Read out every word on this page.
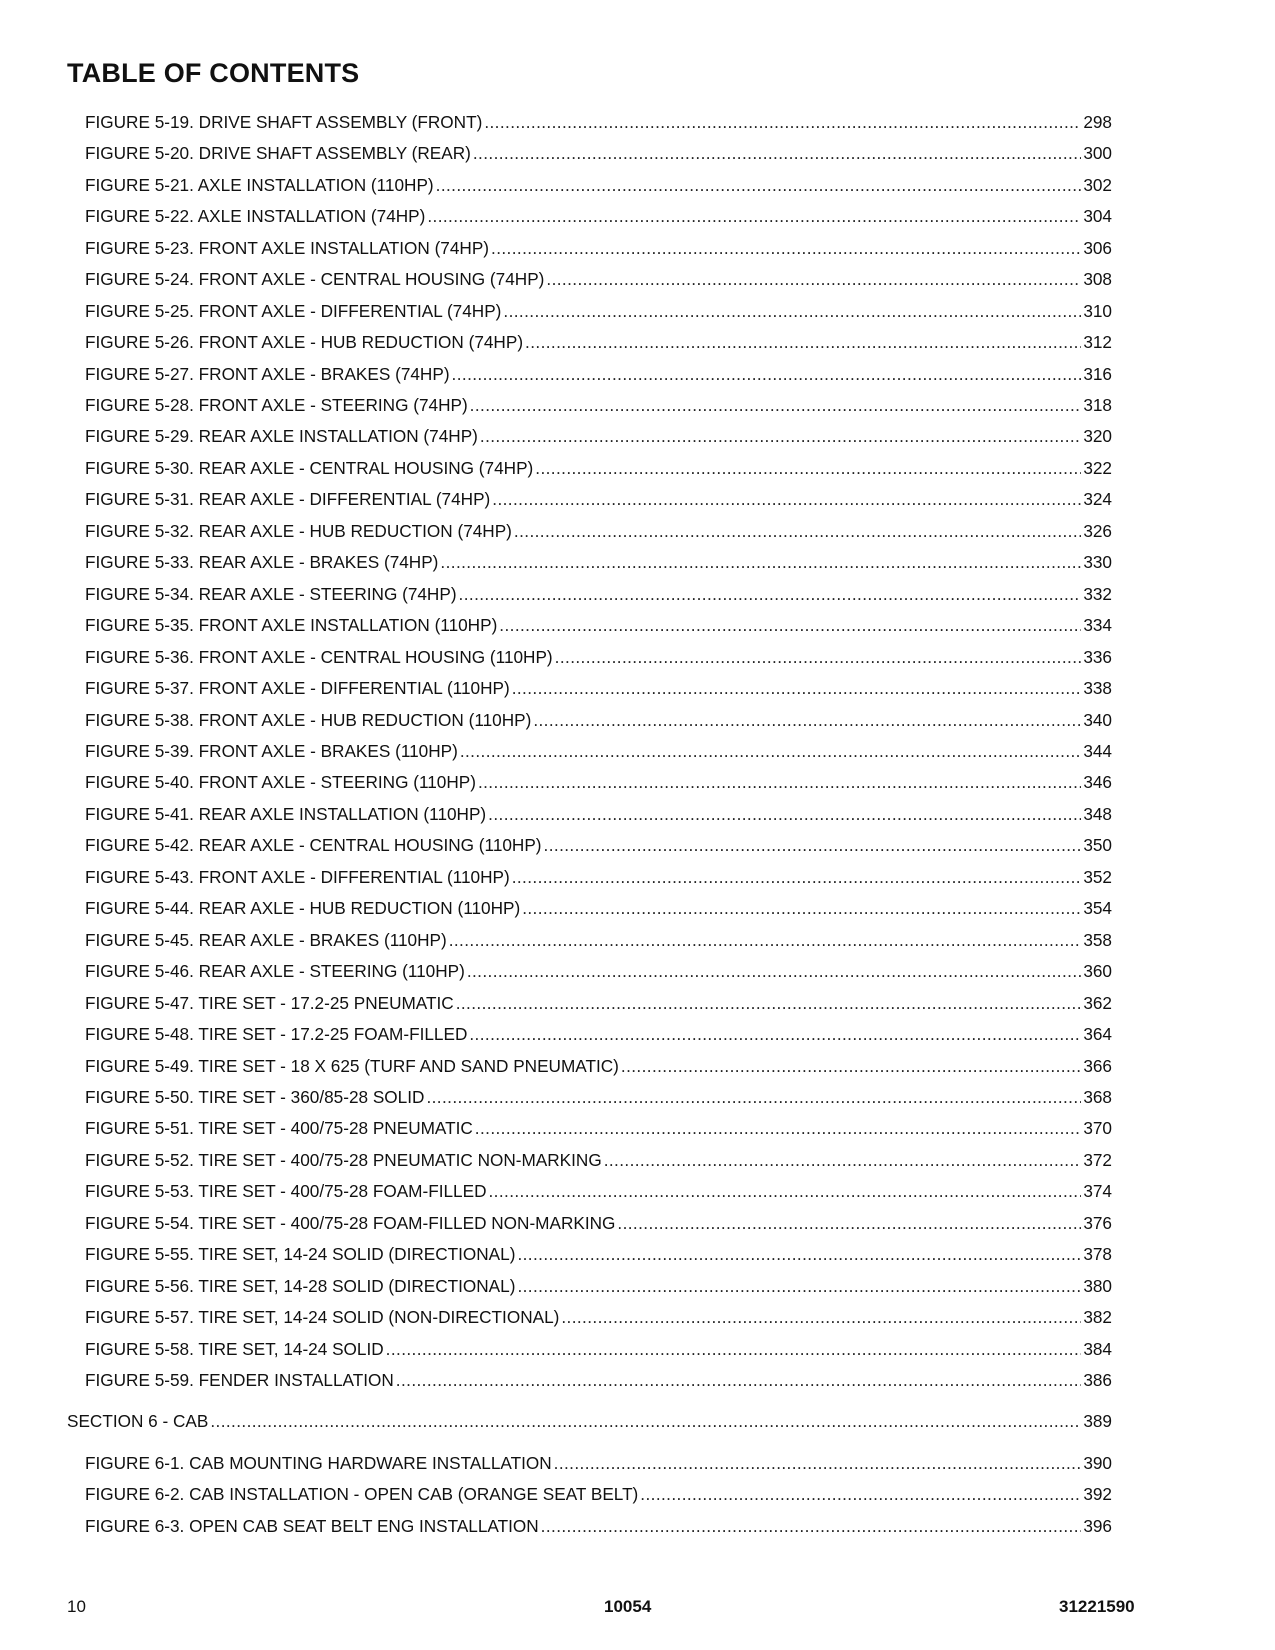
TABLE OF CONTENTS
FIGURE 5-19. DRIVE SHAFT ASSEMBLY (FRONT) .....	298
FIGURE 5-20. DRIVE SHAFT ASSEMBLY (REAR) .....	300
FIGURE 5-21. AXLE INSTALLATION (110HP) .....	302
FIGURE 5-22. AXLE INSTALLATION (74HP) .....	304
FIGURE 5-23. FRONT AXLE INSTALLATION (74HP) .....	306
FIGURE 5-24. FRONT AXLE - CENTRAL HOUSING (74HP) .....	308
FIGURE 5-25. FRONT AXLE - DIFFERENTIAL (74HP) .....	310
FIGURE 5-26. FRONT AXLE - HUB REDUCTION (74HP) .....	312
FIGURE 5-27. FRONT AXLE - BRAKES (74HP) .....	316
FIGURE 5-28. FRONT AXLE - STEERING (74HP) .....	318
FIGURE 5-29. REAR AXLE INSTALLATION (74HP) .....	320
FIGURE 5-30. REAR AXLE - CENTRAL HOUSING (74HP) .....	322
FIGURE 5-31. REAR AXLE - DIFFERENTIAL (74HP) .....	324
FIGURE 5-32. REAR AXLE - HUB REDUCTION (74HP) .....	326
FIGURE 5-33. REAR AXLE - BRAKES (74HP) .....	330
FIGURE 5-34. REAR AXLE - STEERING (74HP) .....	332
FIGURE 5-35. FRONT AXLE INSTALLATION (110HP) .....	334
FIGURE 5-36. FRONT AXLE - CENTRAL HOUSING (110HP) .....	336
FIGURE 5-37. FRONT AXLE - DIFFERENTIAL (110HP) .....	338
FIGURE 5-38. FRONT AXLE - HUB REDUCTION (110HP) .....	340
FIGURE 5-39. FRONT AXLE - BRAKES (110HP) .....	344
FIGURE 5-40. FRONT AXLE - STEERING (110HP) .....	346
FIGURE 5-41. REAR AXLE INSTALLATION (110HP) .....	348
FIGURE 5-42. REAR AXLE - CENTRAL HOUSING (110HP) .....	350
FIGURE 5-43. FRONT AXLE - DIFFERENTIAL (110HP) .....	352
FIGURE 5-44. REAR AXLE - HUB REDUCTION (110HP) .....	354
FIGURE 5-45. REAR AXLE - BRAKES (110HP) .....	358
FIGURE 5-46. REAR AXLE - STEERING (110HP) .....	360
FIGURE 5-47. TIRE SET - 17.2-25 PNEUMATIC .....	362
FIGURE 5-48. TIRE SET - 17.2-25 FOAM-FILLED .....	364
FIGURE 5-49. TIRE SET - 18 X 625 (TURF AND SAND PNEUMATIC) .....	366
FIGURE 5-50. TIRE SET - 360/85-28 SOLID .....	368
FIGURE 5-51. TIRE SET - 400/75-28 PNEUMATIC .....	370
FIGURE 5-52. TIRE SET - 400/75-28 PNEUMATIC NON-MARKING .....	372
FIGURE 5-53. TIRE SET - 400/75-28 FOAM-FILLED .....	374
FIGURE 5-54. TIRE SET - 400/75-28 FOAM-FILLED NON-MARKING .....	376
FIGURE 5-55. TIRE SET, 14-24 SOLID (DIRECTIONAL) .....	378
FIGURE 5-56. TIRE SET, 14-28 SOLID (DIRECTIONAL) .....	380
FIGURE 5-57. TIRE SET, 14-24 SOLID (NON-DIRECTIONAL) .....	382
FIGURE 5-58. TIRE SET, 14-24 SOLID .....	384
FIGURE 5-59. FENDER INSTALLATION .....	386
SECTION 6 - CAB .....	389
FIGURE 6-1. CAB MOUNTING HARDWARE INSTALLATION .....	390
FIGURE 6-2. CAB INSTALLATION - OPEN CAB (ORANGE SEAT BELT) .....	392
FIGURE 6-3. OPEN CAB SEAT BELT ENG INSTALLATION .....	396
10	10054	31221590
